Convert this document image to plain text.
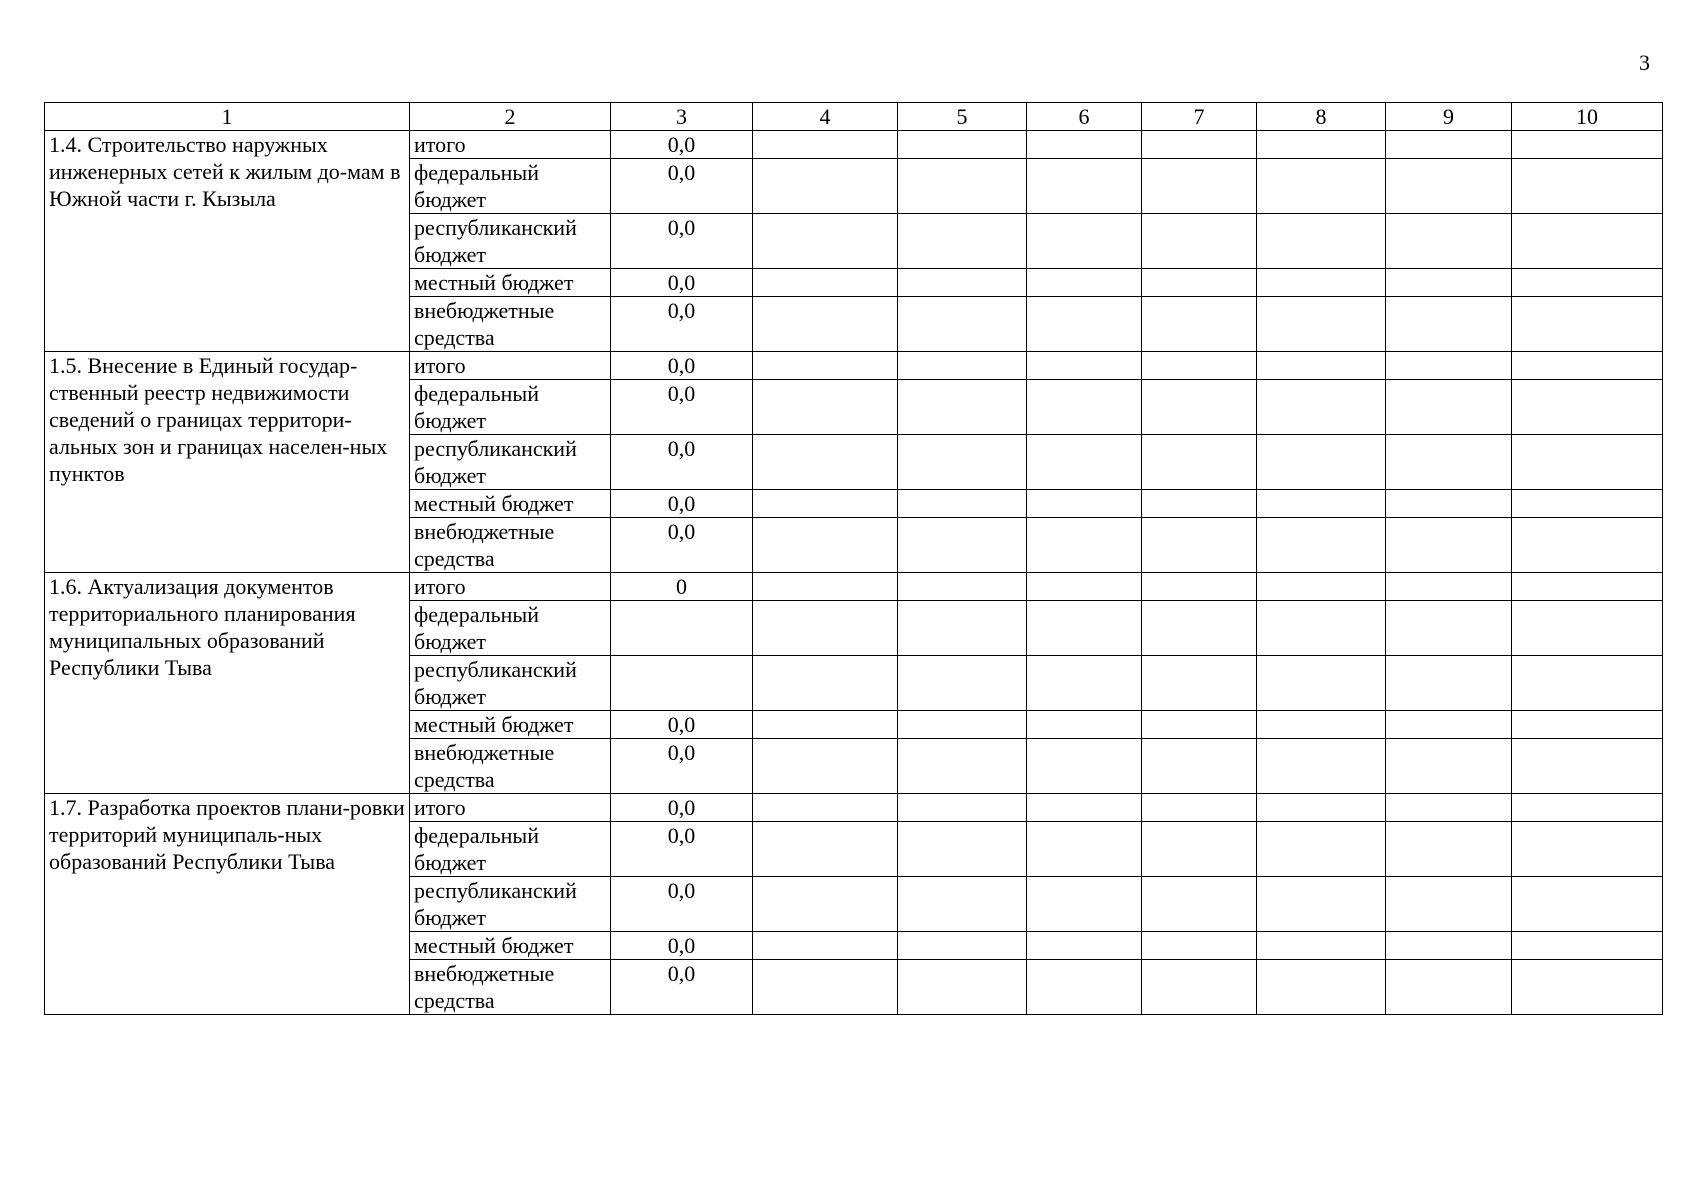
3
1	2	3	4	5	6	7	8	9	10
1.4. Строительство наружных инженерных сетей к жилым до-мам в Южной части г. Кызыла	итого	0,0							
	федеральный бюджет	0,0							
	республиканский бюджет	0,0							
	местный бюджет	0,0							
	внебюджетные средства	0,0							
1.5. Внесение в Единый государ-ственный реестр недвижимости сведений о границах территори-альных зон и границах населен-ных пунктов	итого	0,0							
	федеральный бюджет	0,0							
	республиканский бюджет	0,0							
	местный бюджет	0,0							
	внебюджетные средства	0,0							
1.6. Актуализация документов территориального планирования муниципальных образований Республики Тыва	итого	0							
	федеральный бюджет								
	республиканский бюджет								
	местный бюджет	0,0							
	внебюджетные средства	0,0							
1.7. Разработка проектов плани-ровки территорий муниципаль-ных образований Республики Тыва	итого	0,0							
	федеральный бюджет	0,0							
	республиканский бюджет	0,0							
	местный бюджет	0,0							
	внебюджетные средства	0,0							
